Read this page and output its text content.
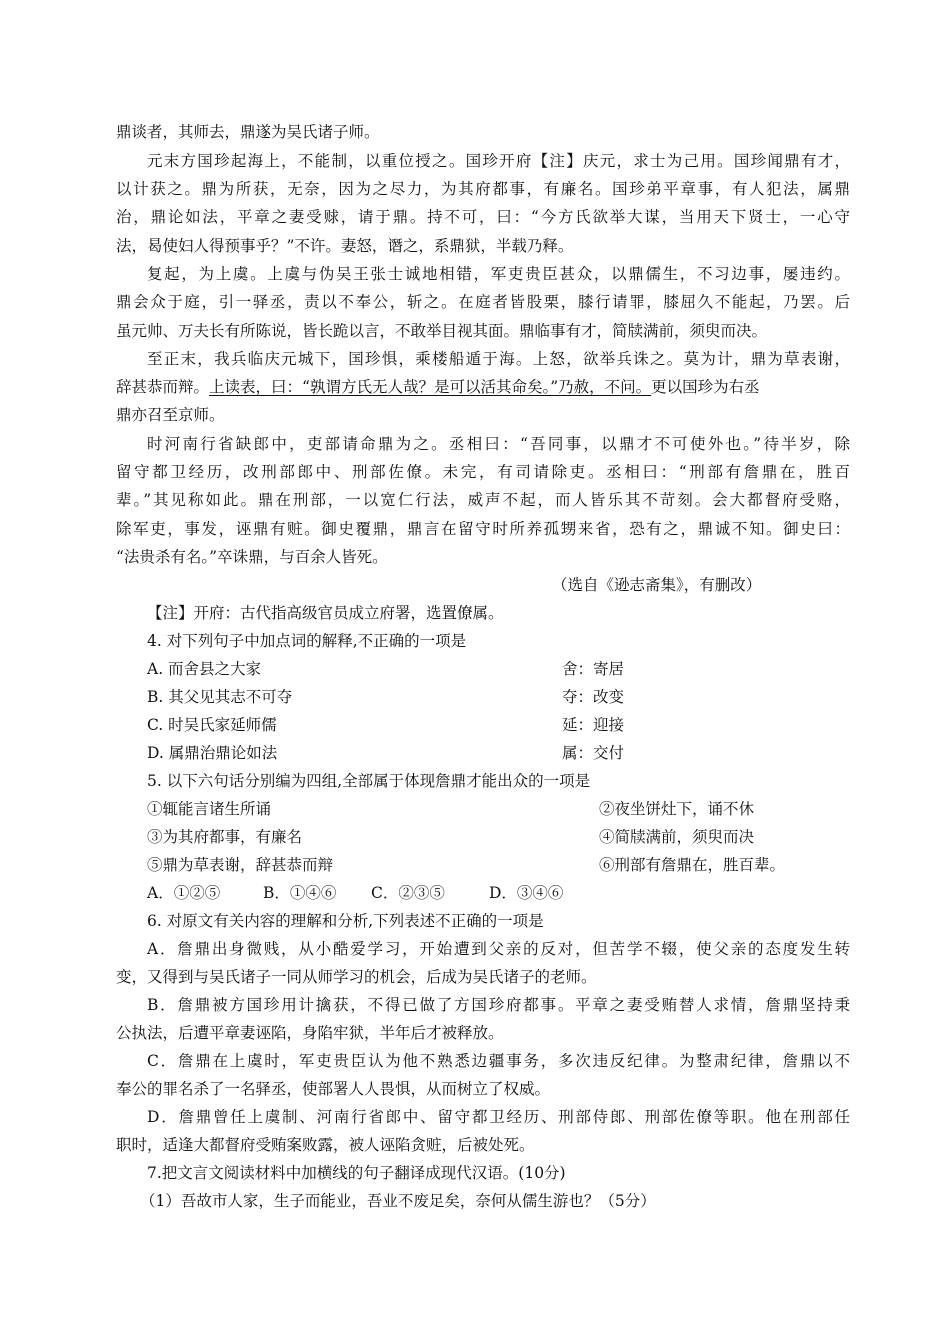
鼎谈者，其师去，鼎遂为吴氏诸子师。
元末方国珍起海上，不能制，以重位授之。国珍开府【注】庆元，求士为己用。国珍闻鼎有才，
以计获之。鼎为所获，无奈，因为之尽力，为其府都事，有廉名。国珍弟平章事，有人犯法，属鼎
治，鼎论如法，平章之妻受赇，请于鼎。持不可，曰：“今方氏欲举大谋，当用天下贤士，一心守
法，曷使妇人得预事乎？”不许。妻怒，谮之，系鼎狱，半载乃释。
复起，为上虞。上虞与伪吴王张士诚地相错，军吏贵臣甚众，以鼎儒生，不习边事，屡违约。
鼎会众于庭，引一驿丞，责以不奉公，斩之。在庭者皆股栗，膝行请罪，膝屈久不能起，乃罢。后
虽元帅、万夫长有所陈说，皆长跪以言，不敢举目视其面。鼎临事有才，简牍满前，须臾而决。
至正末，我兵临庆元城下，国珍惧，乘楼船遁于海。上怒，欲举兵诛之。莫为计，鼎为草表谢，
辞甚恭而辩。上读表，曰：“孰谓方氏无人哉？是可以活其命矣。”乃赦，不问。更以国珍为右丞
鼎亦召至京师。
时河南行省缺郎中，吏部请命鼎为之。丞相曰：“吾同事，以鼎才不可使外也。”待半岁，除
留守都卫经历，改刑部郎中、刑部佐僚。未完，有司请除吏。丞相曰：“刑部有詹鼎在，胜百
辈。”其见称如此。鼎在刑部，一以宽仁行法，威声不起，而人皆乐其不苛刻。会大都督府受赂，
除军吏，事发，诬鼎有赃。御史覆鼎，鼎言在留守时所养孤甥来省，恐有之，鼎诚不知。御史曰：
“法贵杀有名。”卒诛鼎，与百余人皆死。
（选自《逊志斋集》，有删改）
【注】开府：古代指高级官员成立府署，选置僚属。
4. 对下列句子中加点词的解释,不正确的一项是
A. 而舍县之大家	舍：寄居
B. 其父见其志不可夺	夺：改变
C. 时吴氏家延师儒	延：迎接
D. 属鼎治鼎论如法	属：交付
5. 以下六句话分别编为四组,全部属于体现詹鼎才能出众的一项是
①辄能言诸生所诵	②夜坐饼灶下，诵不休
③为其府都事，有廉名	④简牍满前，须臾而决
⑤鼎为草表谢，辞甚恭而辩	⑥刑部有詹鼎在，胜百辈。
A．①②⑤	B．①④⑥ C．②③⑤	D．③④⑥
6. 对原文有关内容的理解和分析,下列表述不正确的一项是
A．詹鼎出身微贱，从小酷爱学习，开始遭到父亲的反对，但苦学不辍，使父亲的态度发生转
变，又得到与吴氏诸子一同从师学习的机会，后成为吴氏诸子的老师。
B．詹鼎被方国珍用计擒获，不得已做了方国珍府都事。平章之妻受贿替人求情，詹鼎坚持秉
公执法，后遭平章妻诬陷，身陷牢狱，半年后才被释放。
C．詹鼎在上虞时，军吏贵臣认为他不熟悉边疆事务，多次违反纪律。为整肃纪律，詹鼎以不
奉公的罪名杀了一名驿丞，使部署人人畏惧，从而树立了权威。
D．詹鼎曾任上虞制、河南行省郎中、留守都卫经历、刑部侍郎、刑部佐僚等职。他在刑部任
职时，适逢大都督府受贿案败露，被人诬陷贪赃，后被处死。
7.把文言文阅读材料中加横线的句子翻译成现代汉语。(10分)
（1）吾故市人家，生子而能业，吾业不废足矣，奈何从儒生游也？（5分）
